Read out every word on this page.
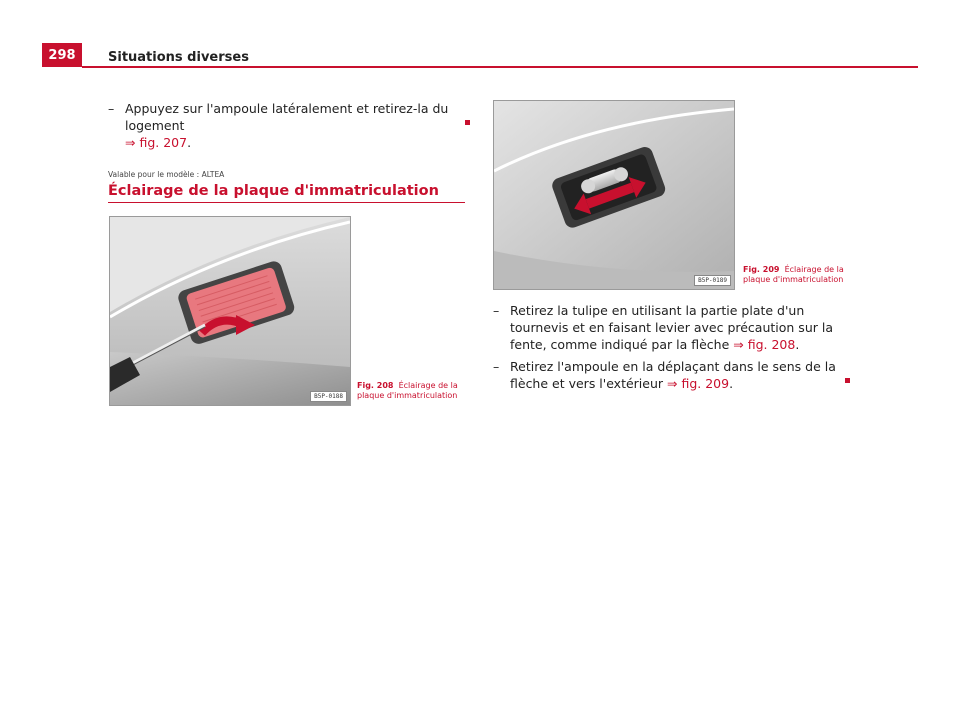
298	Situations diverses
– Appuyez sur l'ampoule latéralement et retirez-la du logement
⇒ fig. 207.
Valable pour le modèle : ALTEA
Éclairage de la plaque d'immatriculation
B5P-0188
Fig. 208 Éclairage de la plaque d'immatriculation
B5P-0189
Fig. 209 Éclairage de la plaque d'immatriculation
– Retirez la tulipe en utilisant la partie plate d'un tournevis et en faisant levier avec précaution sur la fente, comme indiqué par la flèche ⇒ fig. 208.
– Retirez l'ampoule en la déplaçant dans le sens de la flèche et vers l'extérieur ⇒ fig. 209.
